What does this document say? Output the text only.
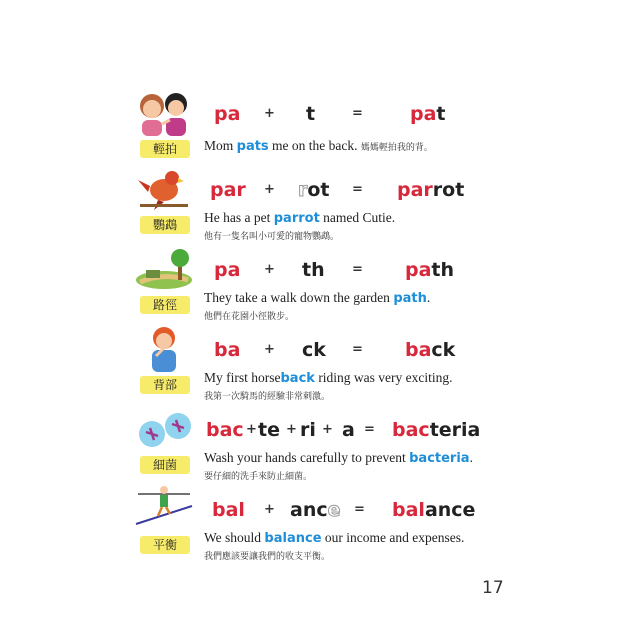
輕拍
pa + t	= pat
Mom pats me on the back. 媽媽輕拍我的背。
鸚鵡
par + rot = parrot
He has a pet parrot named Cutie.
他有一隻名叫小可愛的寵物鸚鵡。
路徑
pa + th = path
They take a walk down the garden path.
他們在花園小徑散步。
背部
ba + ck = back
My first horseback riding was very exciting.
我第一次騎馬的經驗非常刺激。
細菌
bac + te + ri + a = bacteria
Wash your hands carefully to prevent bacteria.
要仔細的洗手來防止細菌。
平衡
bal + ance = balance
We should balance our income and expenses.
我們應該要讓我們的收支平衡。
17
